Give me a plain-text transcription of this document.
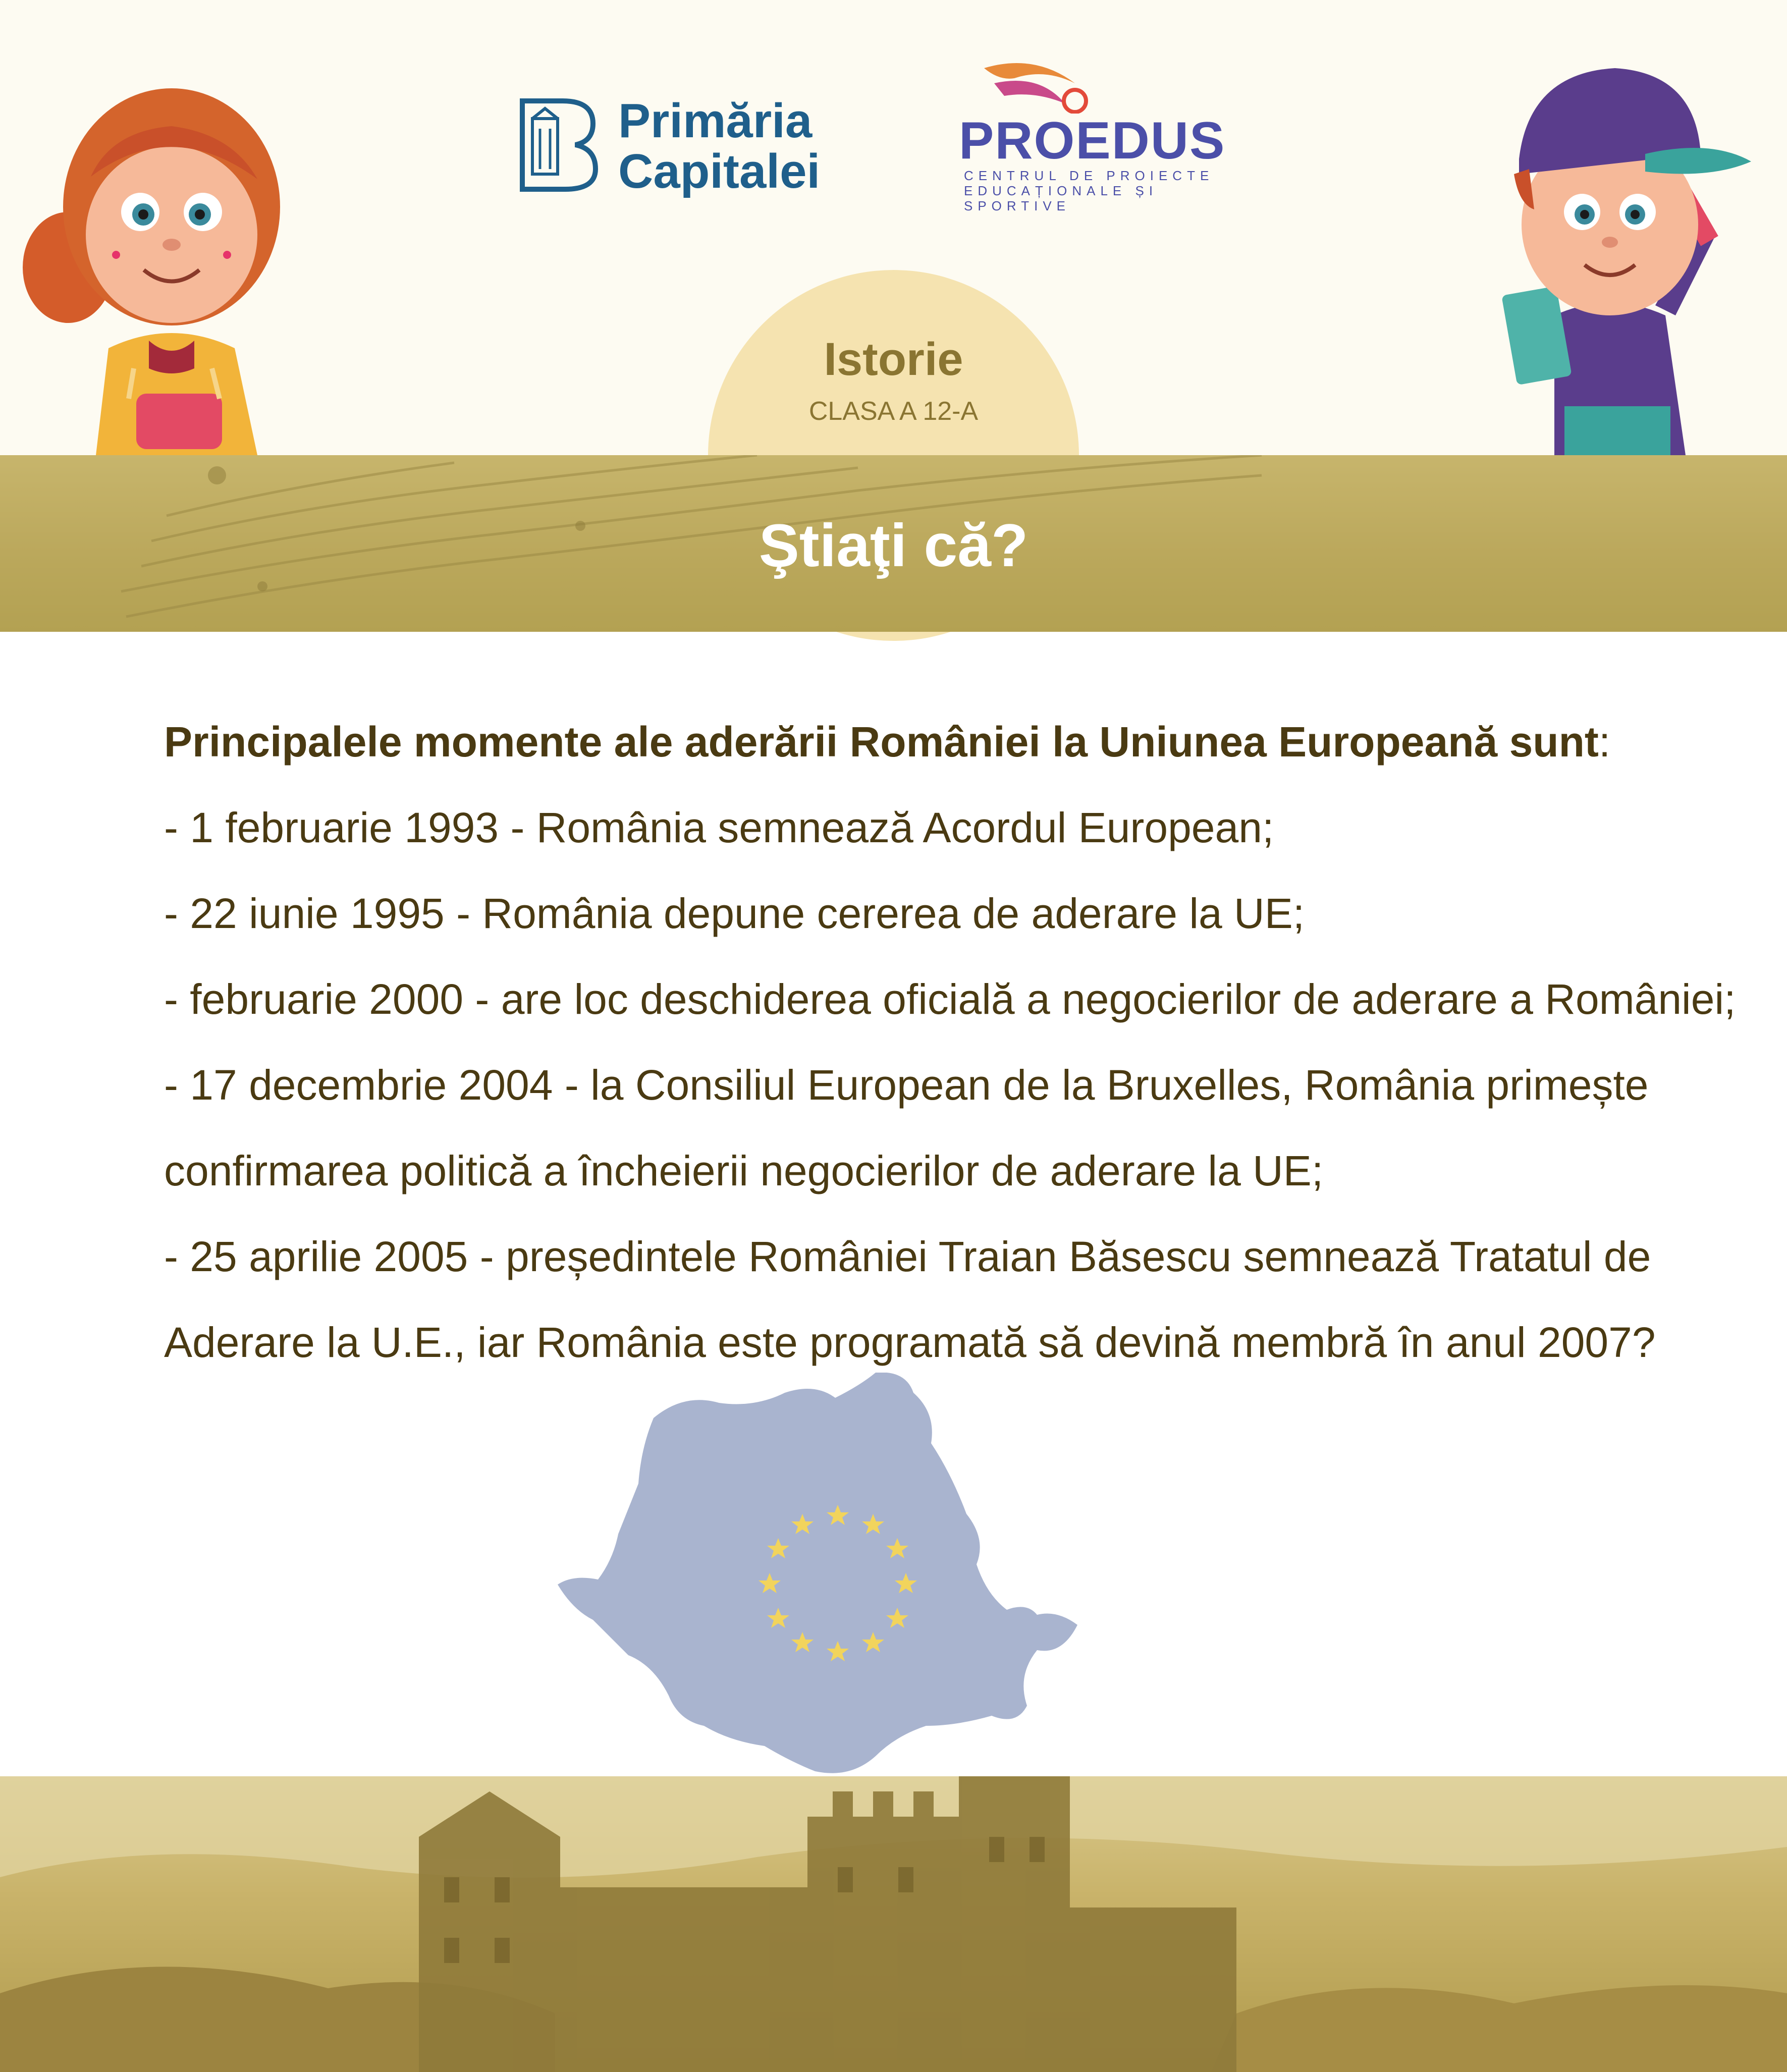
Primăria
Capitalei
PROEDUS
CENTRUL DE PROIECTE
EDUCAȚIONALE ȘI SPORTIVE
Istorie
CLASA A 12-A
Ştiaţi că?

Principalele momente ale aderării României la Uniunea Europeană sunt:

- 1 februarie 1993 - România semnează Acordul European;

- 22 iunie 1995 - România depune cererea de aderare la UE;

- februarie 2000 - are loc deschiderea oficială a negocierilor de aderare a României;

- 17 decembrie 2004 - la Consiliul European de la Bruxelles, România primește

confirmarea politică a încheierii negocierilor de aderare la UE;

- 25 aprilie 2005 - președintele României Traian Băsescu semnează Tratatul de

Aderare la U.E., iar România este programată să devină membră în anul 2007?
